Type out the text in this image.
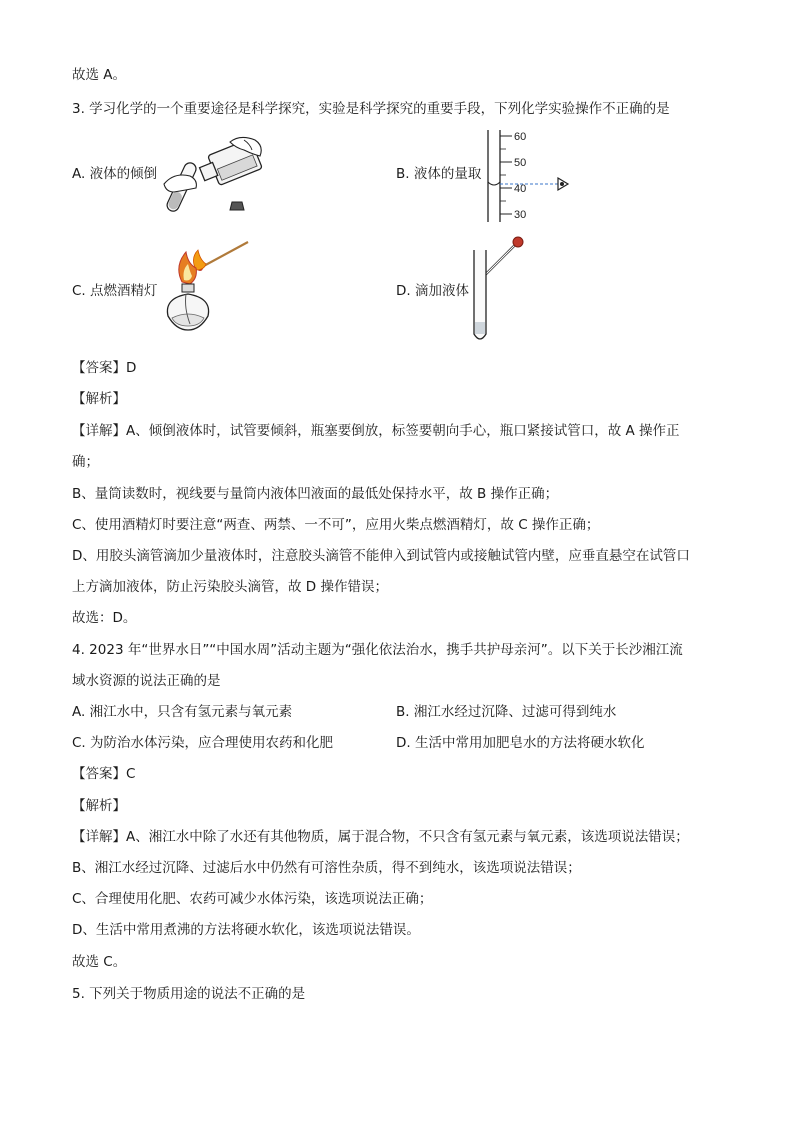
故选 A。
3. 学习化学的一个重要途径是科学探究，实验是科学探究的重要手段，下列化学实验操作不正确的是
A. 液体的倾倒	B. 液体的量取
60
50
40
30
C. 点燃酒精灯	D. 滴加液体
【答案】D
【解析】
【详解】A、倾倒液体时，试管要倾斜，瓶塞要倒放，标签要朝向手心，瓶口紧接试管口，故 A 操作正
确；
B、量筒读数时，视线要与量筒内液体凹液面的最低处保持水平，故 B 操作正确；
C、使用酒精灯时要注意“两查、两禁、一不可”，应用火柴点燃酒精灯，故 C 操作正确；
D、用胶头滴管滴加少量液体时，注意胶头滴管不能伸入到试管内或接触试管内壁，应垂直悬空在试管口
上方滴加液体，防止污染胶头滴管，故 D 操作错误；
故选：D。
4. 2023 年“世界水日”“中国水周”活动主题为“强化依法治水，携手共护母亲河”。以下关于长沙湘江流
域水资源的说法正确的是
A. 湘江水中，只含有氢元素与氧元素	B. 湘江水经过沉降、过滤可得到纯水
C. 为防治水体污染，应合理使用农药和化肥	D. 生活中常用加肥皂水的方法将硬水软化
【答案】C
【解析】
【详解】A、湘江水中除了水还有其他物质，属于混合物，不只含有氢元素与氧元素，该选项说法错误；
B、湘江水经过沉降、过滤后水中仍然有可溶性杂质，得不到纯水，该选项说法错误；
C、合理使用化肥、农药可减少水体污染，该选项说法正确；
D、生活中常用煮沸的方法将硬水软化，该选项说法错误。
故选 C。
5. 下列关于物质用途的说法不正确的是
